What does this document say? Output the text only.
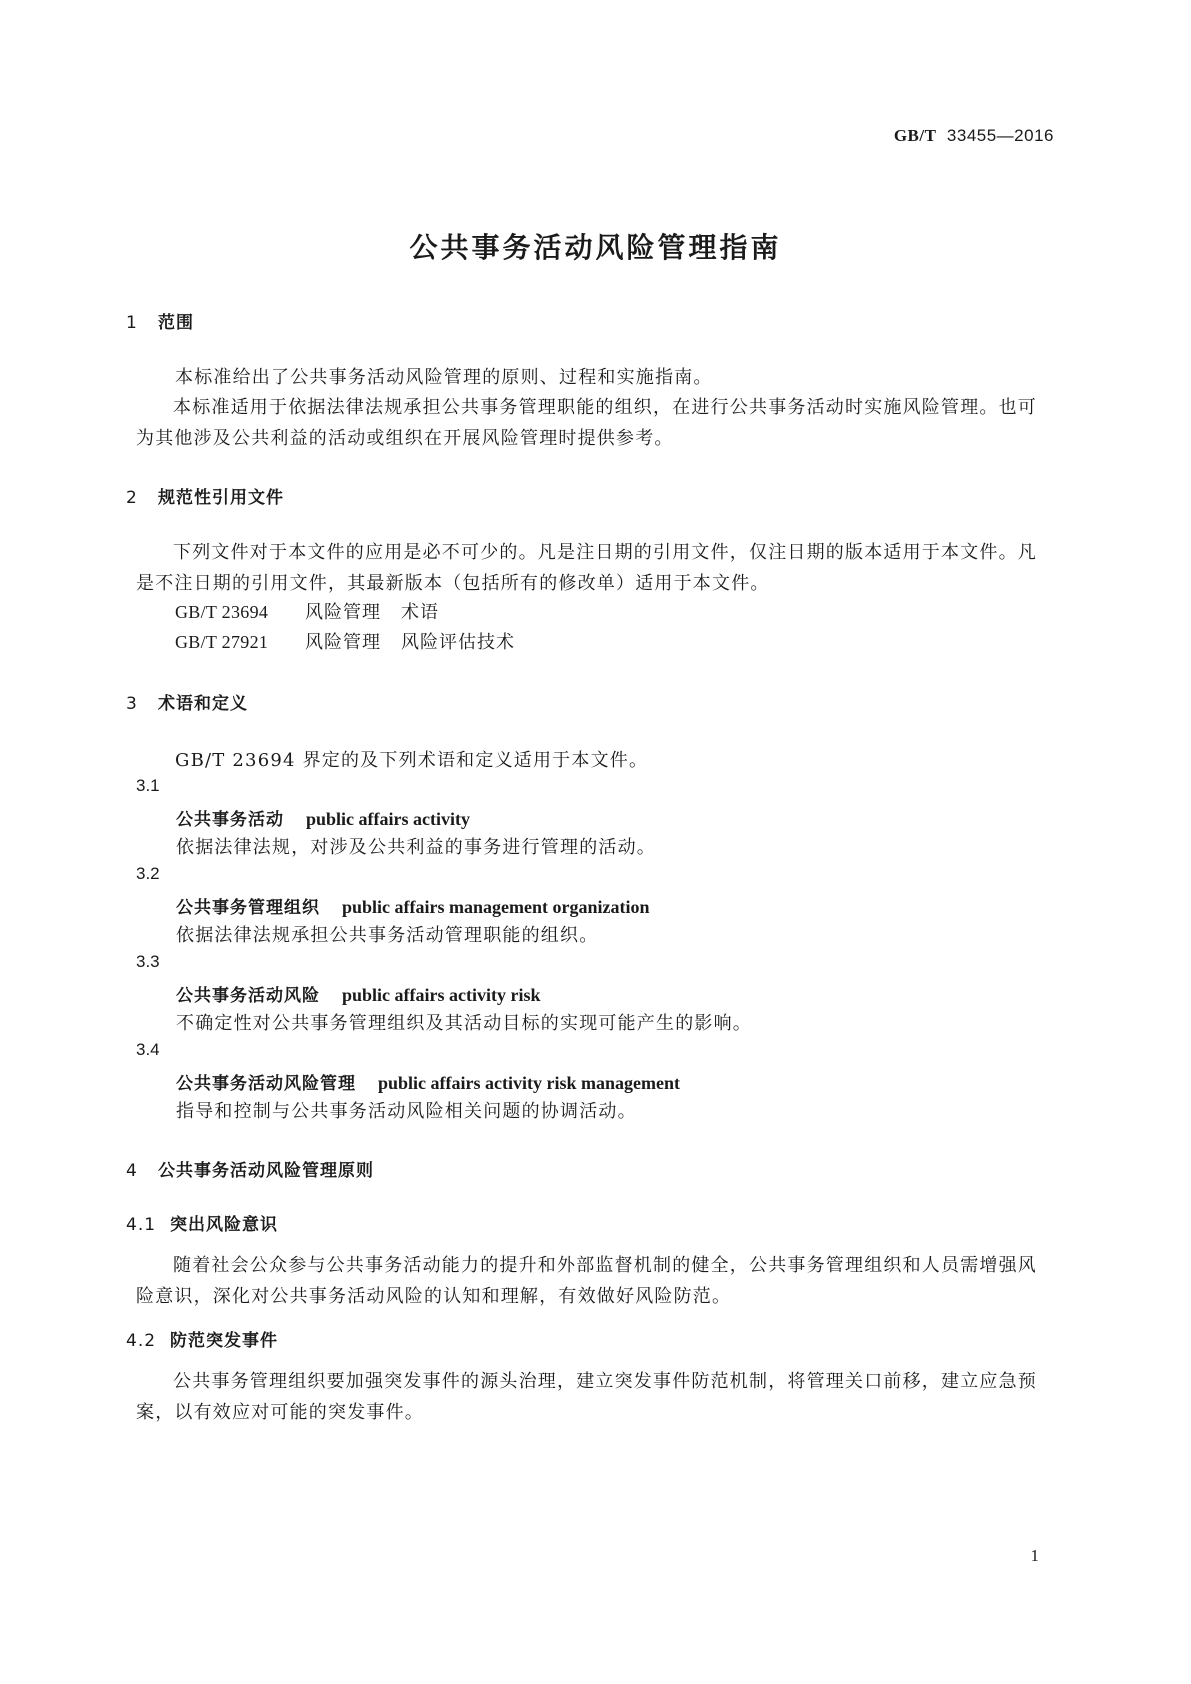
GB/T 33455—2016
公共事务活动风险管理指南
1 范围
本标准给出了公共事务活动风险管理的原则、过程和实施指南。
本标准适用于依据法律法规承担公共事务管理职能的组织，在进行公共事务活动时实施风险管理。也可为其他涉及公共利益的活动或组织在开展风险管理时提供参考。
2 规范性引用文件
下列文件对于本文件的应用是必不可少的。凡是注日期的引用文件，仅注日期的版本适用于本文件。凡是不注日期的引用文件，其最新版本（包括所有的修改单）适用于本文件。
GB/T 23694 风险管理 术语
GB/T 27921 风险管理 风险评估技术
3 术语和定义
GB/T 23694 界定的及下列术语和定义适用于本文件。
3.1
公共事务活动 public affairs activity
依据法律法规，对涉及公共利益的事务进行管理的活动。
3.2
公共事务管理组织 public affairs management organization
依据法律法规承担公共事务活动管理职能的组织。
3.3
公共事务活动风险 public affairs activity risk
不确定性对公共事务管理组织及其活动目标的实现可能产生的影响。
3.4
公共事务活动风险管理 public affairs activity risk management
指导和控制与公共事务活动风险相关问题的协调活动。
4 公共事务活动风险管理原则
4.1 突出风险意识
随着社会公众参与公共事务活动能力的提升和外部监督机制的健全，公共事务管理组织和人员需增强风险意识，深化对公共事务活动风险的认知和理解，有效做好风险防范。
4.2 防范突发事件
公共事务管理组织要加强突发事件的源头治理，建立突发事件防范机制，将管理关口前移，建立应急预案，以有效应对可能的突发事件。
1
